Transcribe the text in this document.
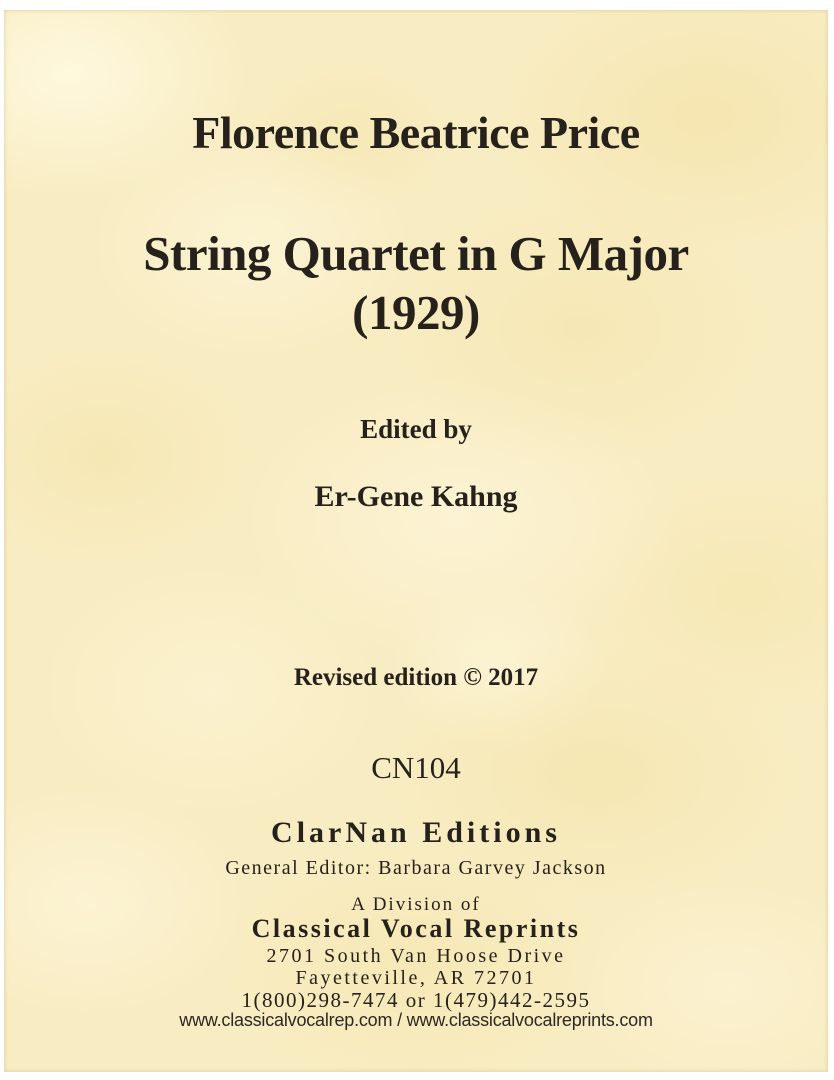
Florence Beatrice Price
String Quartet in G Major
(1929)
Edited by
Er-Gene Kahng
Revised edition © 2017
CN104
ClarNan Editions
General Editor: Barbara Garvey Jackson
A Division of
Classical Vocal Reprints
2701 South Van Hoose Drive
Fayetteville, AR 72701
1(800)298-7474 or 1(479)442-2595
www.classicalvocalrep.com / www.classicalvocalreprints.com
